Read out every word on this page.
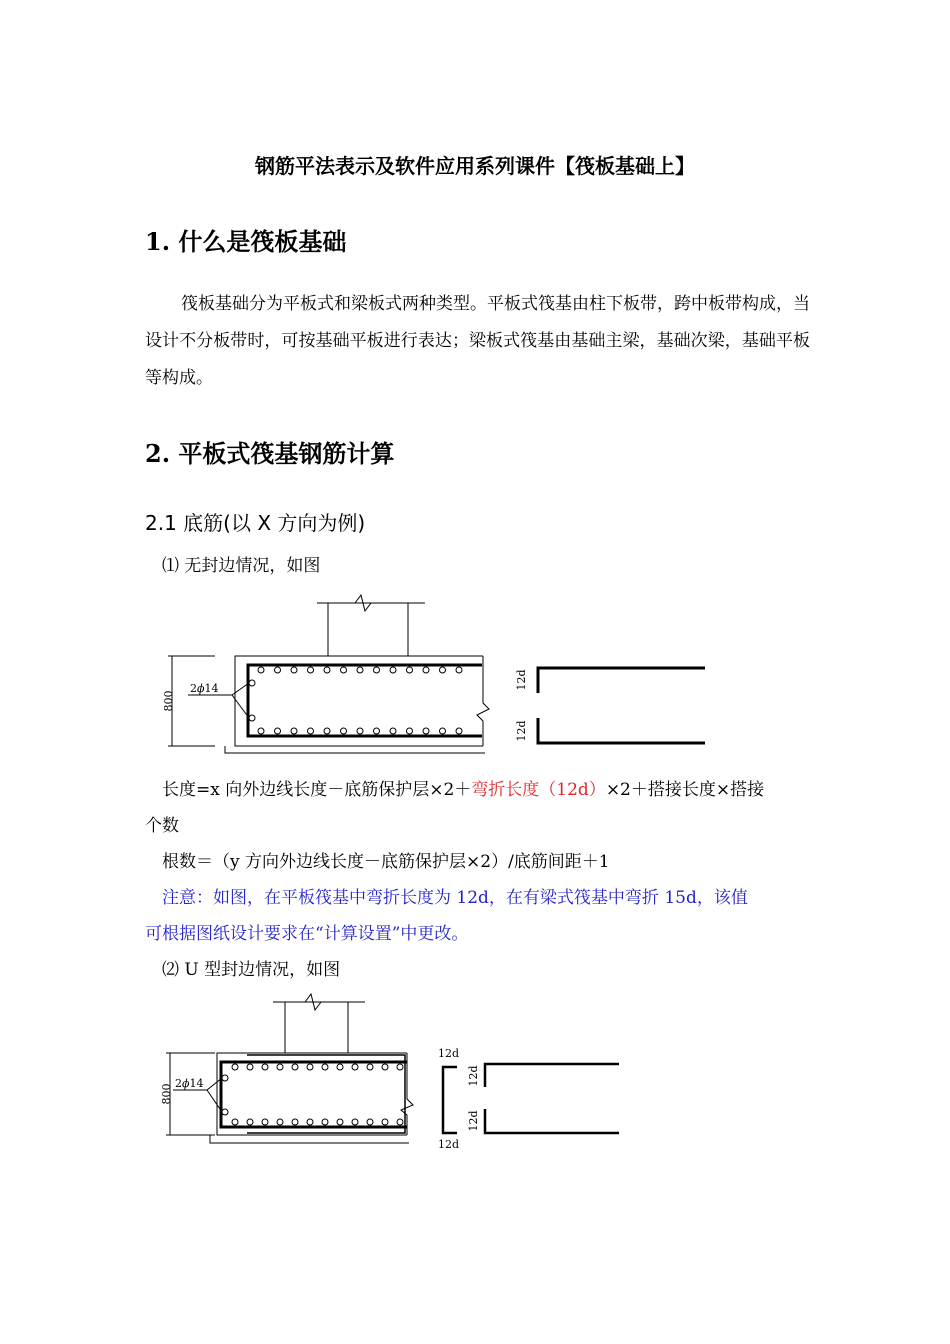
钢筋平法表示及软件应用系列课件【筏板基础上】
1. 什么是筏板基础
筏板基础分为平板式和梁板式两种类型。平板式筏基由柱下板带，跨中板带构成，当设计不分板带时，可按基础平板进行表达；梁板式筏基由基础主梁，基础次梁，基础平板等构成。
2. 平板式筏基钢筋计算
2.1 底筋(以 X 方向为例)
⑴ 无封边情况，如图
800
2ϕ14	12d
12d
长度=x 向外边线长度－底筋保护层×2＋弯折长度（12d）×2＋搭接长度×搭接
个数
根数＝（y 方向外边线长度－底筋保护层×2）/底筋间距＋1
注意：如图，在平板筏基中弯折长度为 12d，在有梁式筏基中弯折 15d，该值
可根据图纸设计要求在“计算设置”中更改。
⑵ U 型封边情况，如图
800 2ϕ14
12d
12d
12d
12d
